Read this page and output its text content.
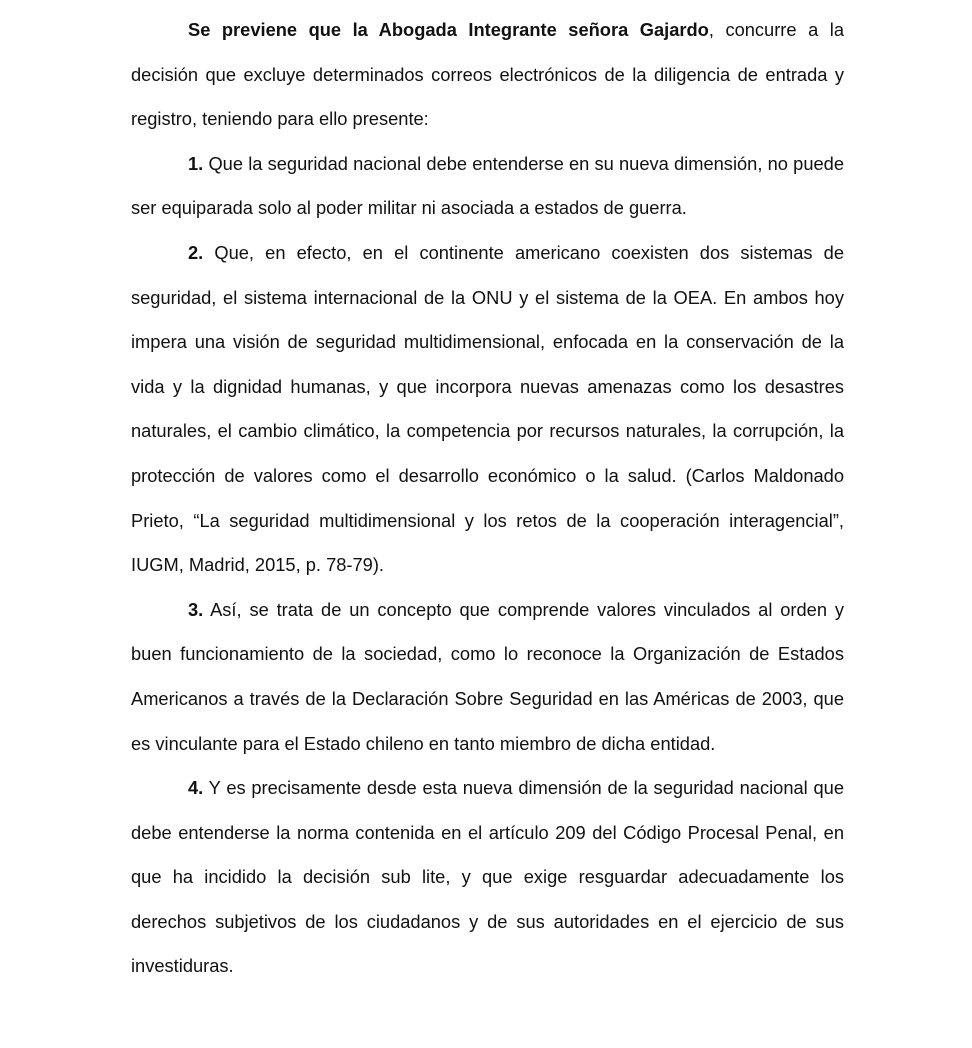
Se previene que la Abogada Integrante señora Gajardo, concurre a la decisión que excluye determinados correos electrónicos de la diligencia de entrada y registro, teniendo para ello presente:

1. Que la seguridad nacional debe entenderse en su nueva dimensión, no puede ser equiparada solo al poder militar ni asociada a estados de guerra.

2. Que, en efecto, en el continente americano coexisten dos sistemas de seguridad, el sistema internacional de la ONU y el sistema de la OEA. En ambos hoy impera una visión de seguridad multidimensional, enfocada en la conservación de la vida y la dignidad humanas, y que incorpora nuevas amenazas como los desastres naturales, el cambio climático, la competencia por recursos naturales, la corrupción, la protección de valores como el desarrollo económico o la salud. (Carlos Maldonado Prieto, “La seguridad multidimensional y los retos de la cooperación interagencial”, IUGM, Madrid, 2015, p. 78-79).

3. Así, se trata de un concepto que comprende valores vinculados al orden y buen funcionamiento de la sociedad, como lo reconoce la Organización de Estados Americanos a través de la Declaración Sobre Seguridad en las Américas de 2003, que es vinculante para el Estado chileno en tanto miembro de dicha entidad.

4. Y es precisamente desde esta nueva dimensión de la seguridad nacional que debe entenderse la norma contenida en el artículo 209 del Código Procesal Penal, en que ha incidido la decisión sub lite, y que exige resguardar adecuadamente los derechos subjetivos de los ciudadanos y de sus autoridades en el ejercicio de sus investiduras.
